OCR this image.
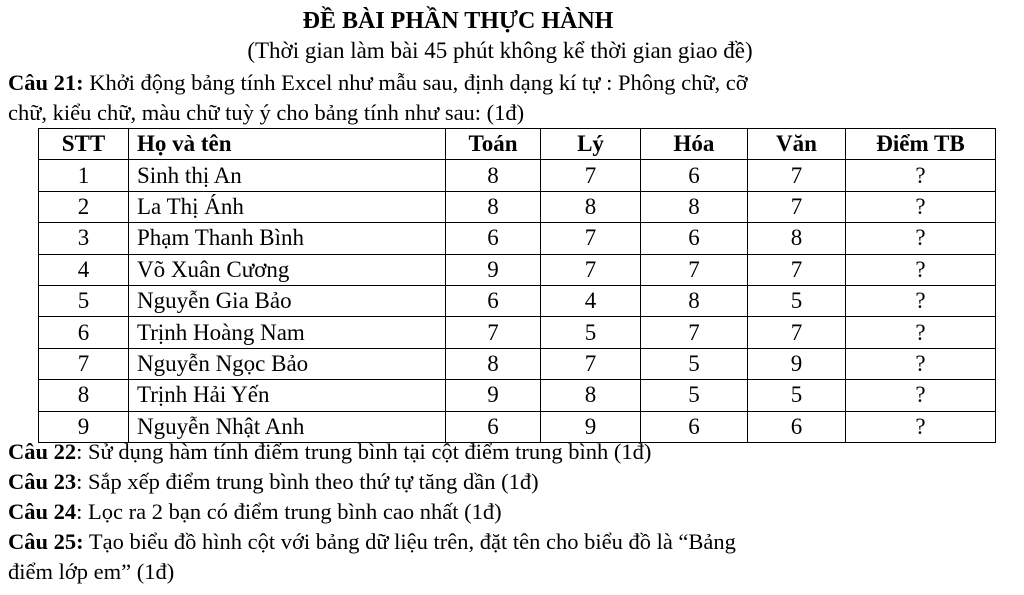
ĐỀ BÀI PHẦN THỰC HÀNH
(Thời gian làm bài 45 phút không kể thời gian giao đề)
Câu 21: Khởi động bảng tính Excel như mẫu sau, định dạng kí tự : Phông chữ, cỡ
chữ, kiểu chữ, màu chữ tuỳ ý cho bảng tính như sau: (1đ)
STT	Họ và tên	Toán	Lý	Hóa	Văn	Điểm TB
1	Sinh thị An	8	7	6	7	?
2	La Thị Ánh	8	8	8	7	?
3	Phạm Thanh Bình	6	7	6	8	?
4	Võ Xuân Cương	9	7	7	7	?
5	Nguyễn Gia Bảo	6	4	8	5	?
6	Trịnh Hoàng Nam	7	5	7	7	?
7	Nguyễn Ngọc Bảo	8	7	5	9	?
8	Trịnh Hải Yến	9	8	5	5	?
9	Nguyễn Nhật Anh	6	9	6	6	?
Câu 22: Sử dụng hàm tính điểm trung bình tại cột điểm trung bình (1đ)
Câu 23: Sắp xếp điểm trung bình theo thứ tự tăng dần (1đ)
Câu 24: Lọc ra 2 bạn có điểm trung bình cao nhất (1đ)
Câu 25: Tạo biểu đồ hình cột với bảng dữ liệu trên, đặt tên cho biểu đồ là “Bảng
điểm lớp em” (1đ)
